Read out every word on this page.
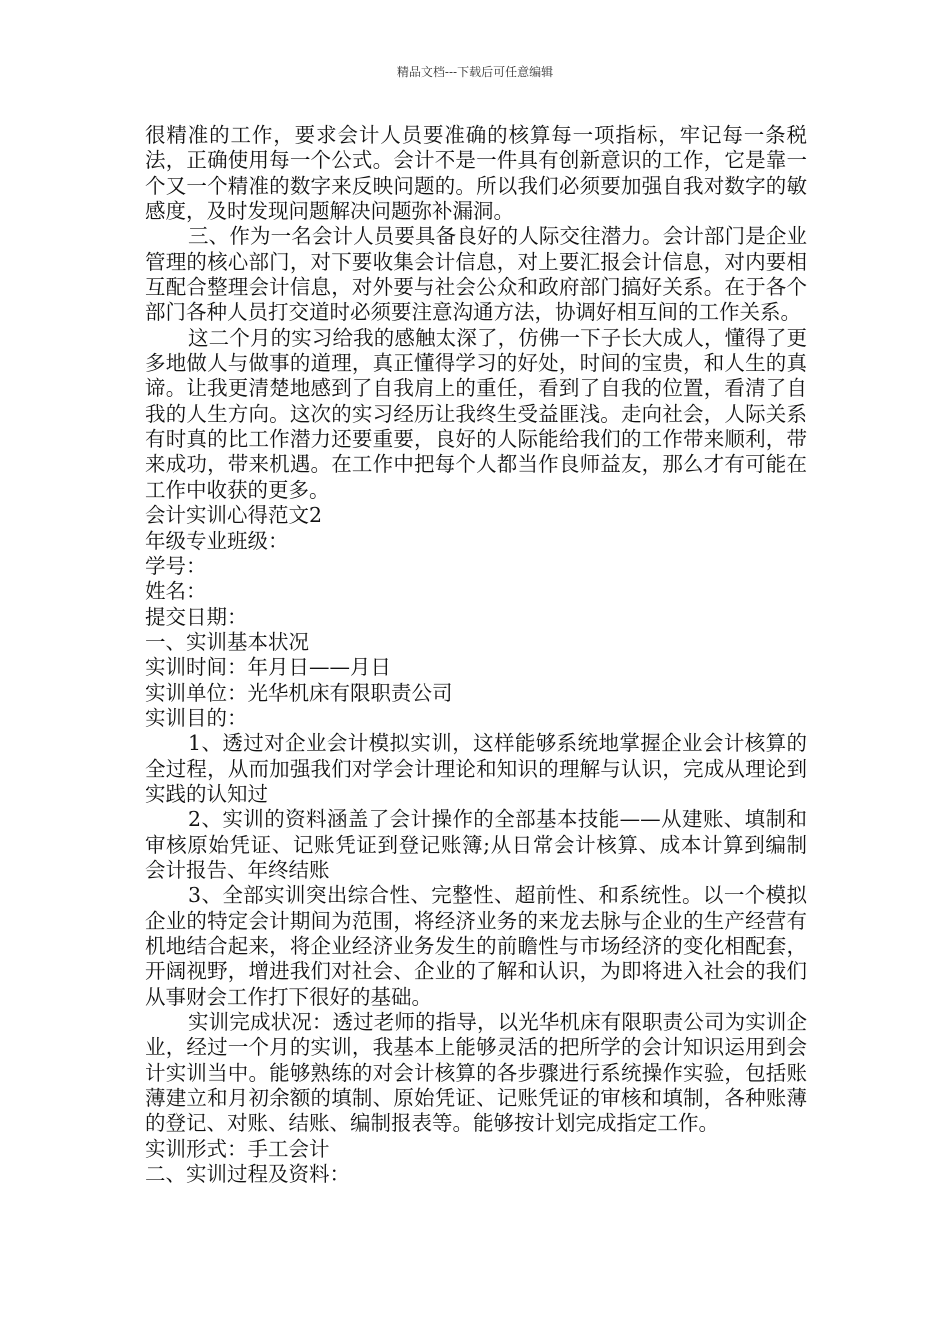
精品文档---下载后可任意编辑

很精准的工作，要求会计人员要准确的核算每一项指标，牢记每一条税法，正确使用每一个公式。会计不是一件具有创新意识的工作，它是靠一个又一个精准的数字来反映问题的。所以我们必须要加强自我对数字的敏感度，及时发现问题解决问题弥补漏洞。

三、作为一名会计人员要具备良好的人际交往潜力。会计部门是企业管理的核心部门，对下要收集会计信息，对上要汇报会计信息，对内要相互配合整理会计信息，对外要与社会公众和政府部门搞好关系。在于各个部门各种人员打交道时必须要注意沟通方法，协调好相互间的工作关系。

这二个月的实习给我的感触太深了，仿佛一下子长大成人，懂得了更多地做人与做事的道理，真正懂得学习的好处，时间的宝贵，和人生的真谛。让我更清楚地感到了自我肩上的重任，看到了自我的位置，看清了自我的人生方向。这次的实习经历让我终生受益匪浅。走向社会，人际关系有时真的比工作潜力还要重要，良好的人际能给我们的工作带来顺利，带来成功，带来机遇。在工作中把每个人都当作良师益友，那么才有可能在工作中收获的更多。

会计实训心得范文2

年级专业班级：

学号：

姓名：

提交日期：

一、实训基本状况

实训时间：年月日——月日

实训单位：光华机床有限职责公司

实训目的：

1、透过对企业会计模拟实训，这样能够系统地掌握企业会计核算的全过程，从而加强我们对学会计理论和知识的理解与认识，完成从理论到实践的认知过

2、实训的资料涵盖了会计操作的全部基本技能——从建账、填制和审核原始凭证、记账凭证到登记账簿;从日常会计核算、成本计算到编制会计报告、年终结账

3、全部实训突出综合性、完整性、超前性、和系统性。以一个模拟企业的特定会计期间为范围，将经济业务的来龙去脉与企业的生产经营有机地结合起来，将企业经济业务发生的前瞻性与市场经济的变化相配套，开阔视野，增进我们对社会、企业的了解和认识，为即将进入社会的我们从事财会工作打下很好的基础。

实训完成状况：透过老师的指导，以光华机床有限职责公司为实训企业，经过一个月的实训，我基本上能够灵活的把所学的会计知识运用到会计实训当中。能够熟练的对会计核算的各步骤进行系统操作实验，包括账薄建立和月初余额的填制、原始凭证、记账凭证的审核和填制，各种账薄的登记、对账、结账、编制报表等。能够按计划完成指定工作。

实训形式：手工会计

二、实训过程及资料：
